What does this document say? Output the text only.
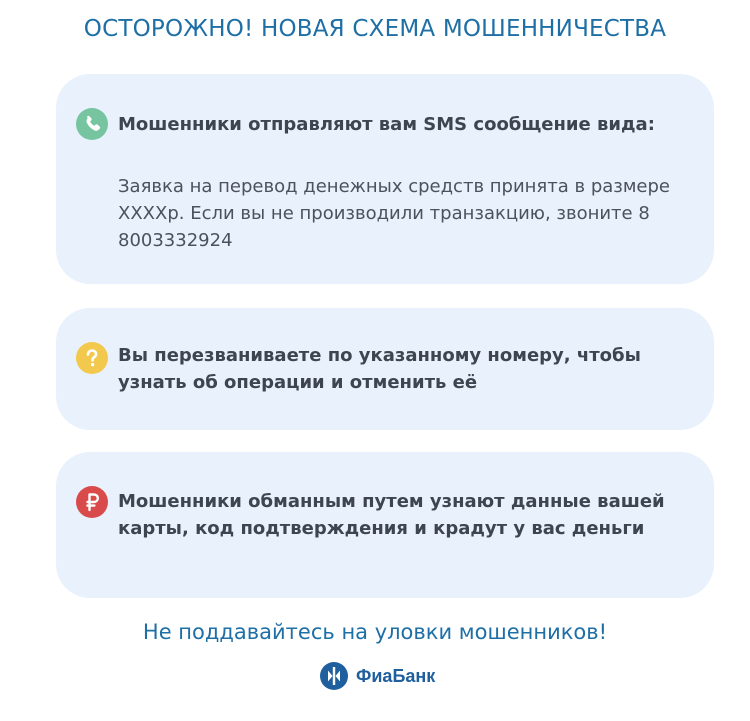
ОСТОРОЖНО! НОВАЯ СХЕМА МОШЕННИЧЕСТВА
Мошенники отправляют вам SMS сообщение вида:
Заявка на перевод денежных средств принята в размере XXXXр. Если вы не производили транзакцию, звоните 8 8003332924
Вы перезваниваете по указанному номеру, чтобы узнать об операции и отменить её
Мошенники обманным путем узнают данные вашей карты, код подтверждения и крадут у вас деньги
Не поддавайтесь на уловки мошенников!
ФиаБанк
